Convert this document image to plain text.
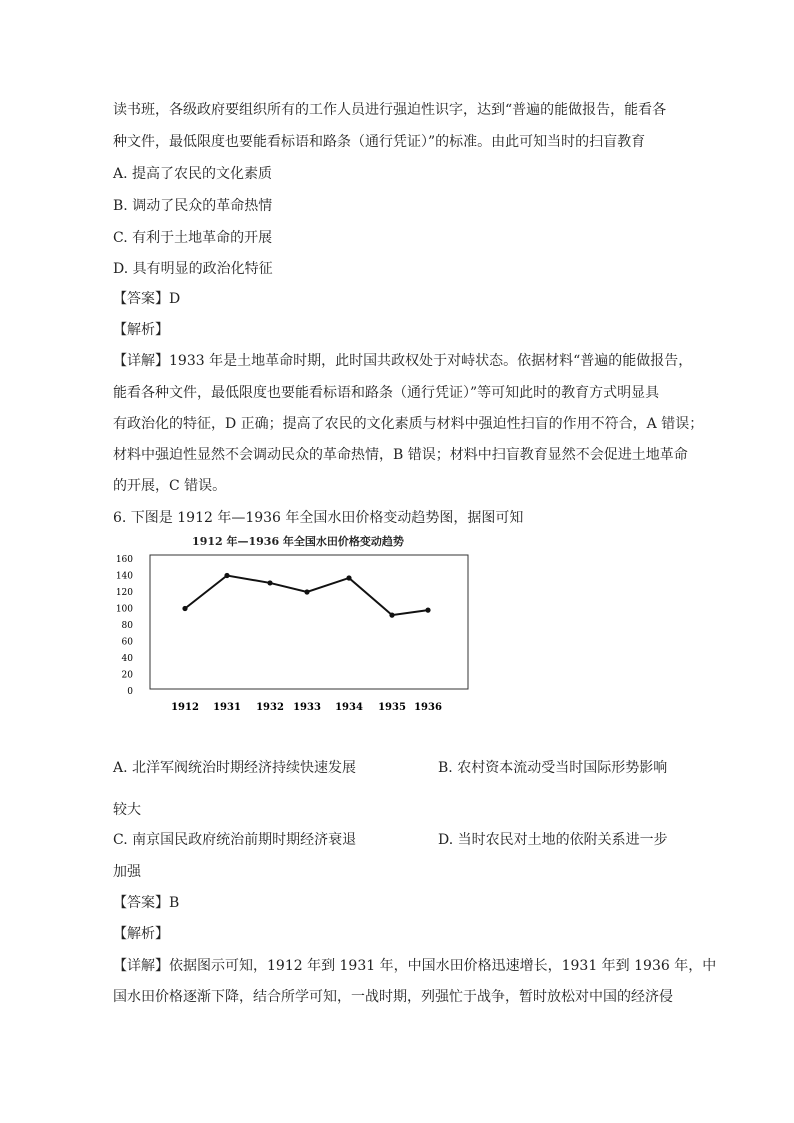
读书班，各级政府要组织所有的工作人员进行强迫性识字，达到“普遍的能做报告，能看各
种文件，最低限度也要能看标语和路条（通行凭证）”的标准。由此可知当时的扫盲教育
A. 提高了农民的文化素质
B. 调动了民众的革命热情
C. 有利于土地革命的开展
D. 具有明显的政治化特征
【答案】D
【解析】
【详解】1933 年是土地革命时期，此时国共政权处于对峙状态。依据材料“普遍的能做报告，
能看各种文件，最低限度也要能看标语和路条（通行凭证）”等可知此时的教育方式明显具
有政治化的特征，D 正确；提高了农民的文化素质与材料中强迫性扫盲的作用不符合，A 错误；
材料中强迫性显然不会调动民众的革命热情，B 错误；材料中扫盲教育显然不会促进土地革命
的开展，C 错误。
6. 下图是 1912 年—1936 年全国水田价格变动趋势图，据图可知
1912 年—1936 年全国水田价格变动趋势
0
20
40
60
80
100
120
140
160
1912 1931 1932 1933 1934 1935 1936
A. 北洋军阀统治时期经济持续快速发展	B. 农村资本流动受当时国际形势影响
较大
C. 南京国民政府统治前期时期经济衰退	D. 当时农民对土地的依附关系进一步
加强
【答案】B
【解析】
【详解】依据图示可知，1912 年到 1931 年，中国水田价格迅速增长，1931 年到 1936 年，中
国水田价格逐渐下降，结合所学可知，一战时期，列强忙于战争，暂时放松对中国的经济侵
